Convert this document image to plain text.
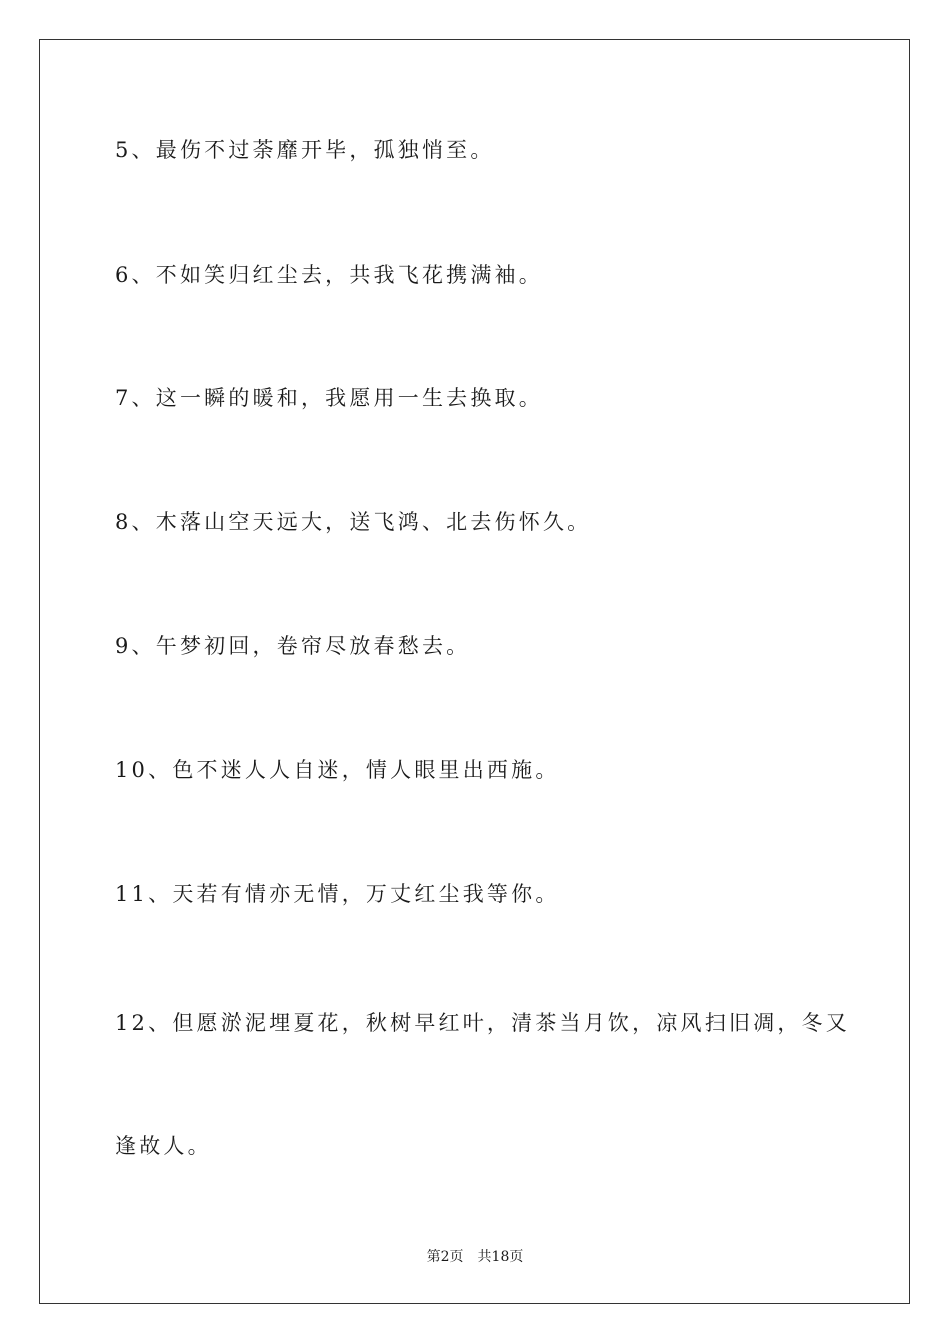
5、最伤不过荼靡开毕，孤独悄至。
6、不如笑归红尘去，共我飞花携满袖。
7、这一瞬的暖和，我愿用一生去换取。
8、木落山空天远大，送飞鸿、北去伤怀久。
9、午梦初回，卷帘尽放春愁去。
10、色不迷人人自迷，情人眼里出西施。
11、天若有情亦无情，万丈红尘我等你。
12、但愿淤泥埋夏花，秋树早红叶，清茶当月饮，凉风扫旧凋，冬又
逢故人。
第2页　共18页
